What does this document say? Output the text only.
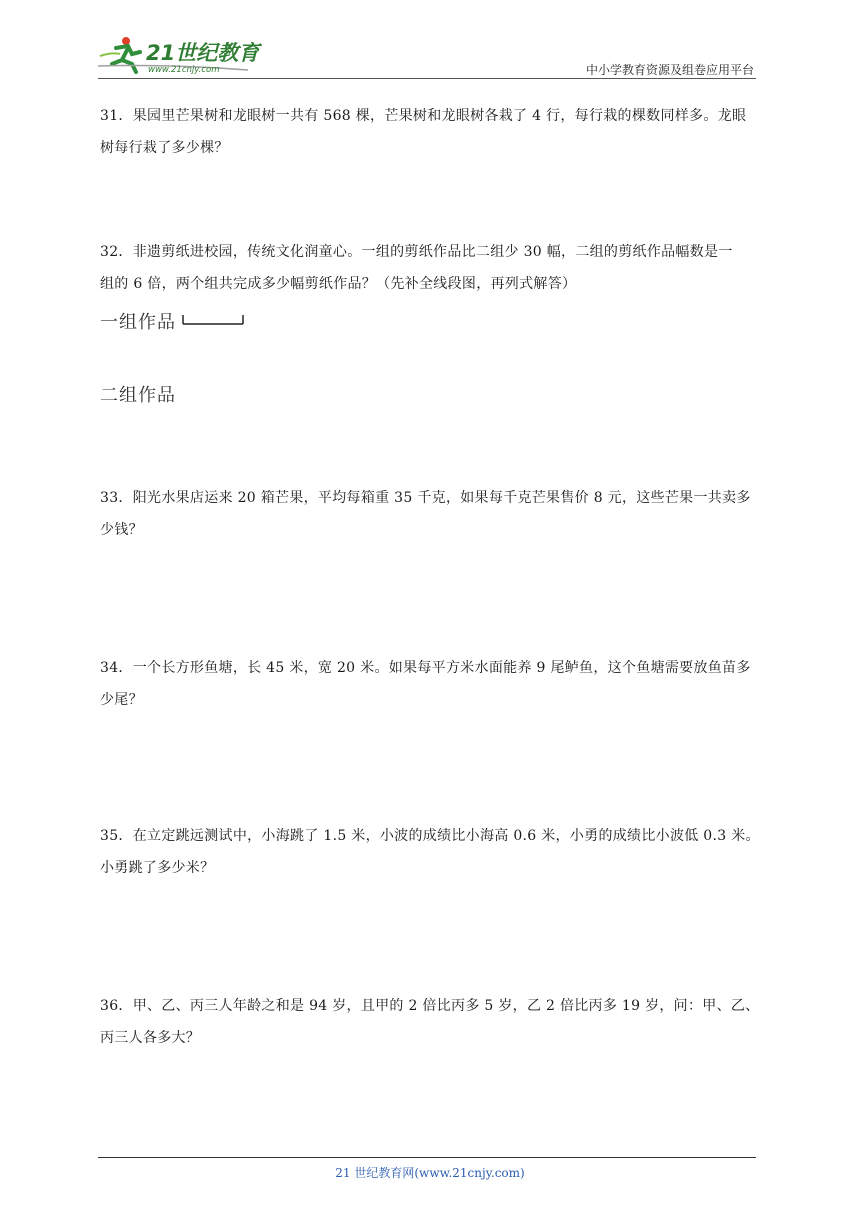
21世纪教育
www.21cnjy.com	中小学教育资源及组卷应用平台
31．果园里芒果树和龙眼树一共有 568 棵，芒果树和龙眼树各栽了 4 行，每行栽的棵数同样多。龙眼
树每行栽了多少棵？
32．非遗剪纸进校园，传统文化润童心。一组的剪纸作品比二组少 30 幅，二组的剪纸作品幅数是一
组的 6 倍，两个组共完成多少幅剪纸作品？（先补全线段图，再列式解答）
一组作品
二组作品
33．阳光水果店运来 20 箱芒果，平均每箱重 35 千克，如果每千克芒果售价 8 元，这些芒果一共卖多
少钱？
34．一个长方形鱼塘，长 45 米，宽 20 米。如果每平方米水面能养 9 尾鲈鱼，这个鱼塘需要放鱼苗多
少尾？
35．在立定跳远测试中，小海跳了 1.5 米，小波的成绩比小海高 0.6 米，小勇的成绩比小波低 0.3 米。
小勇跳了多少米？
36．甲、乙、丙三人年龄之和是 94 岁，且甲的 2 倍比丙多 5 岁，乙 2 倍比丙多 19 岁，问：甲、乙、
丙三人各多大？
21 世纪教育网(www.21cnjy.com)
